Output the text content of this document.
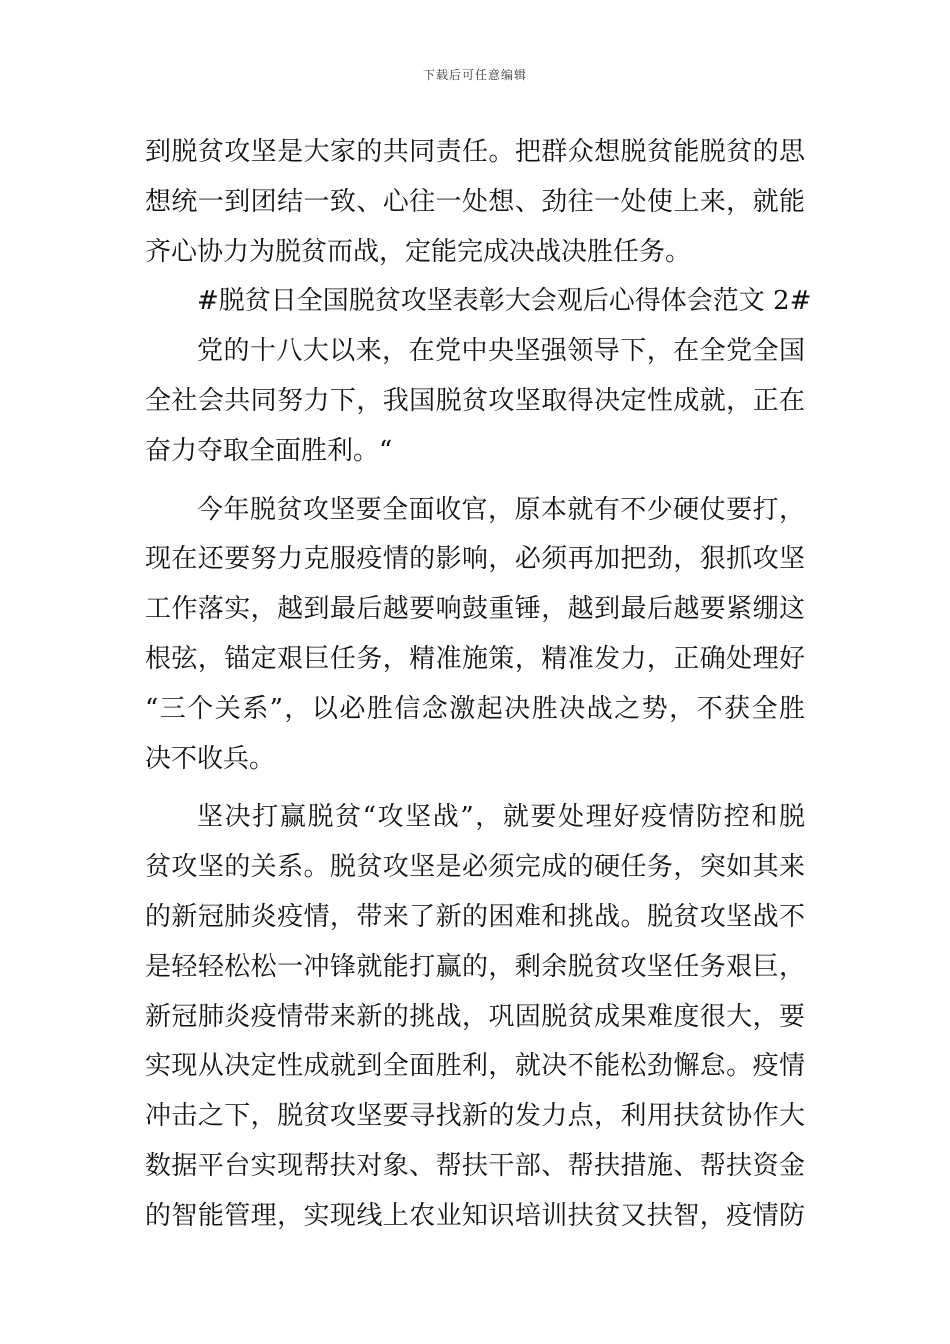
下载后可任意编辑
到脱贫攻坚是大家的共同责任。把群众想脱贫能脱贫的思
想统一到团结一致、心往一处想、劲往一处使上来，就能
齐心协力为脱贫而战，定能完成决战决胜任务。
#脱贫日全国脱贫攻坚表彰大会观后心得体会范文 2#
党的十八大以来，在党中央坚强领导下，在全党全国
全社会共同努力下，我国脱贫攻坚取得决定性成就，正在
奋力夺取全面胜利。“
今年脱贫攻坚要全面收官，原本就有不少硬仗要打，
现在还要努力克服疫情的影响，必须再加把劲，狠抓攻坚
工作落实，越到最后越要响鼓重锤，越到最后越要紧绷这
根弦，锚定艰巨任务，精准施策，精准发力，正确处理好
“三个关系”，以必胜信念激起决胜决战之势，不获全胜
决不收兵。
坚决打赢脱贫“攻坚战”，就要处理好疫情防控和脱
贫攻坚的关系。脱贫攻坚是必须完成的硬任务，突如其来
的新冠肺炎疫情，带来了新的困难和挑战。脱贫攻坚战不
是轻轻松松一冲锋就能打赢的，剩余脱贫攻坚任务艰巨，
新冠肺炎疫情带来新的挑战，巩固脱贫成果难度很大，要
实现从决定性成就到全面胜利，就决不能松劲懈怠。疫情
冲击之下，脱贫攻坚要寻找新的发力点，利用扶贫协作大
数据平台实现帮扶对象、帮扶干部、帮扶措施、帮扶资金
的智能管理，实现线上农业知识培训扶贫又扶智，疫情防
